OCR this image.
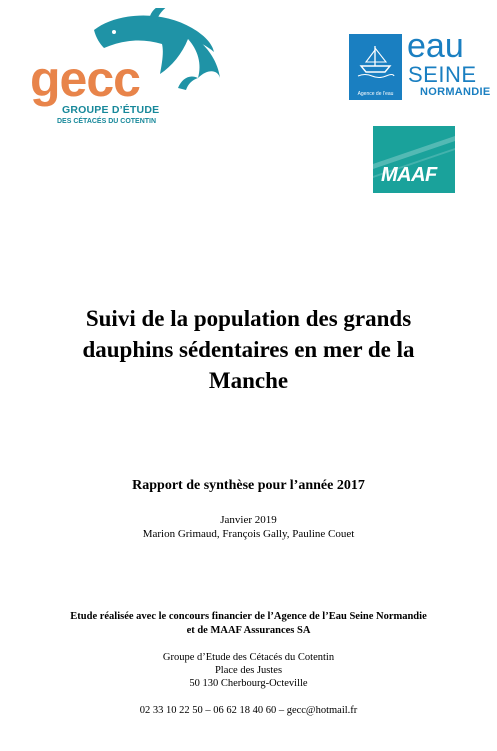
gecc
GROUPE D’ÉTUDE
DES CÉTACÉS DU COTENTIN
Agence de l’eau
eau
SEINE
NORMANDIE
MAAF
Suivi de la population des grands
dauphins sédentaires en mer de la
Manche
Rapport de synthèse pour l’année 2017
Janvier 2019
Marion Grimaud, François Gally, Pauline Couet
Etude réalisée avec le concours financier de l’Agence de l’Eau Seine Normandie
et de MAAF Assurances SA
Groupe d’Etude des Cétacés du Cotentin
Place des Justes
50 130 Cherbourg-Octeville
02 33 10 22 50 – 06 62 18 40 60 – gecc@hotmail.fr
